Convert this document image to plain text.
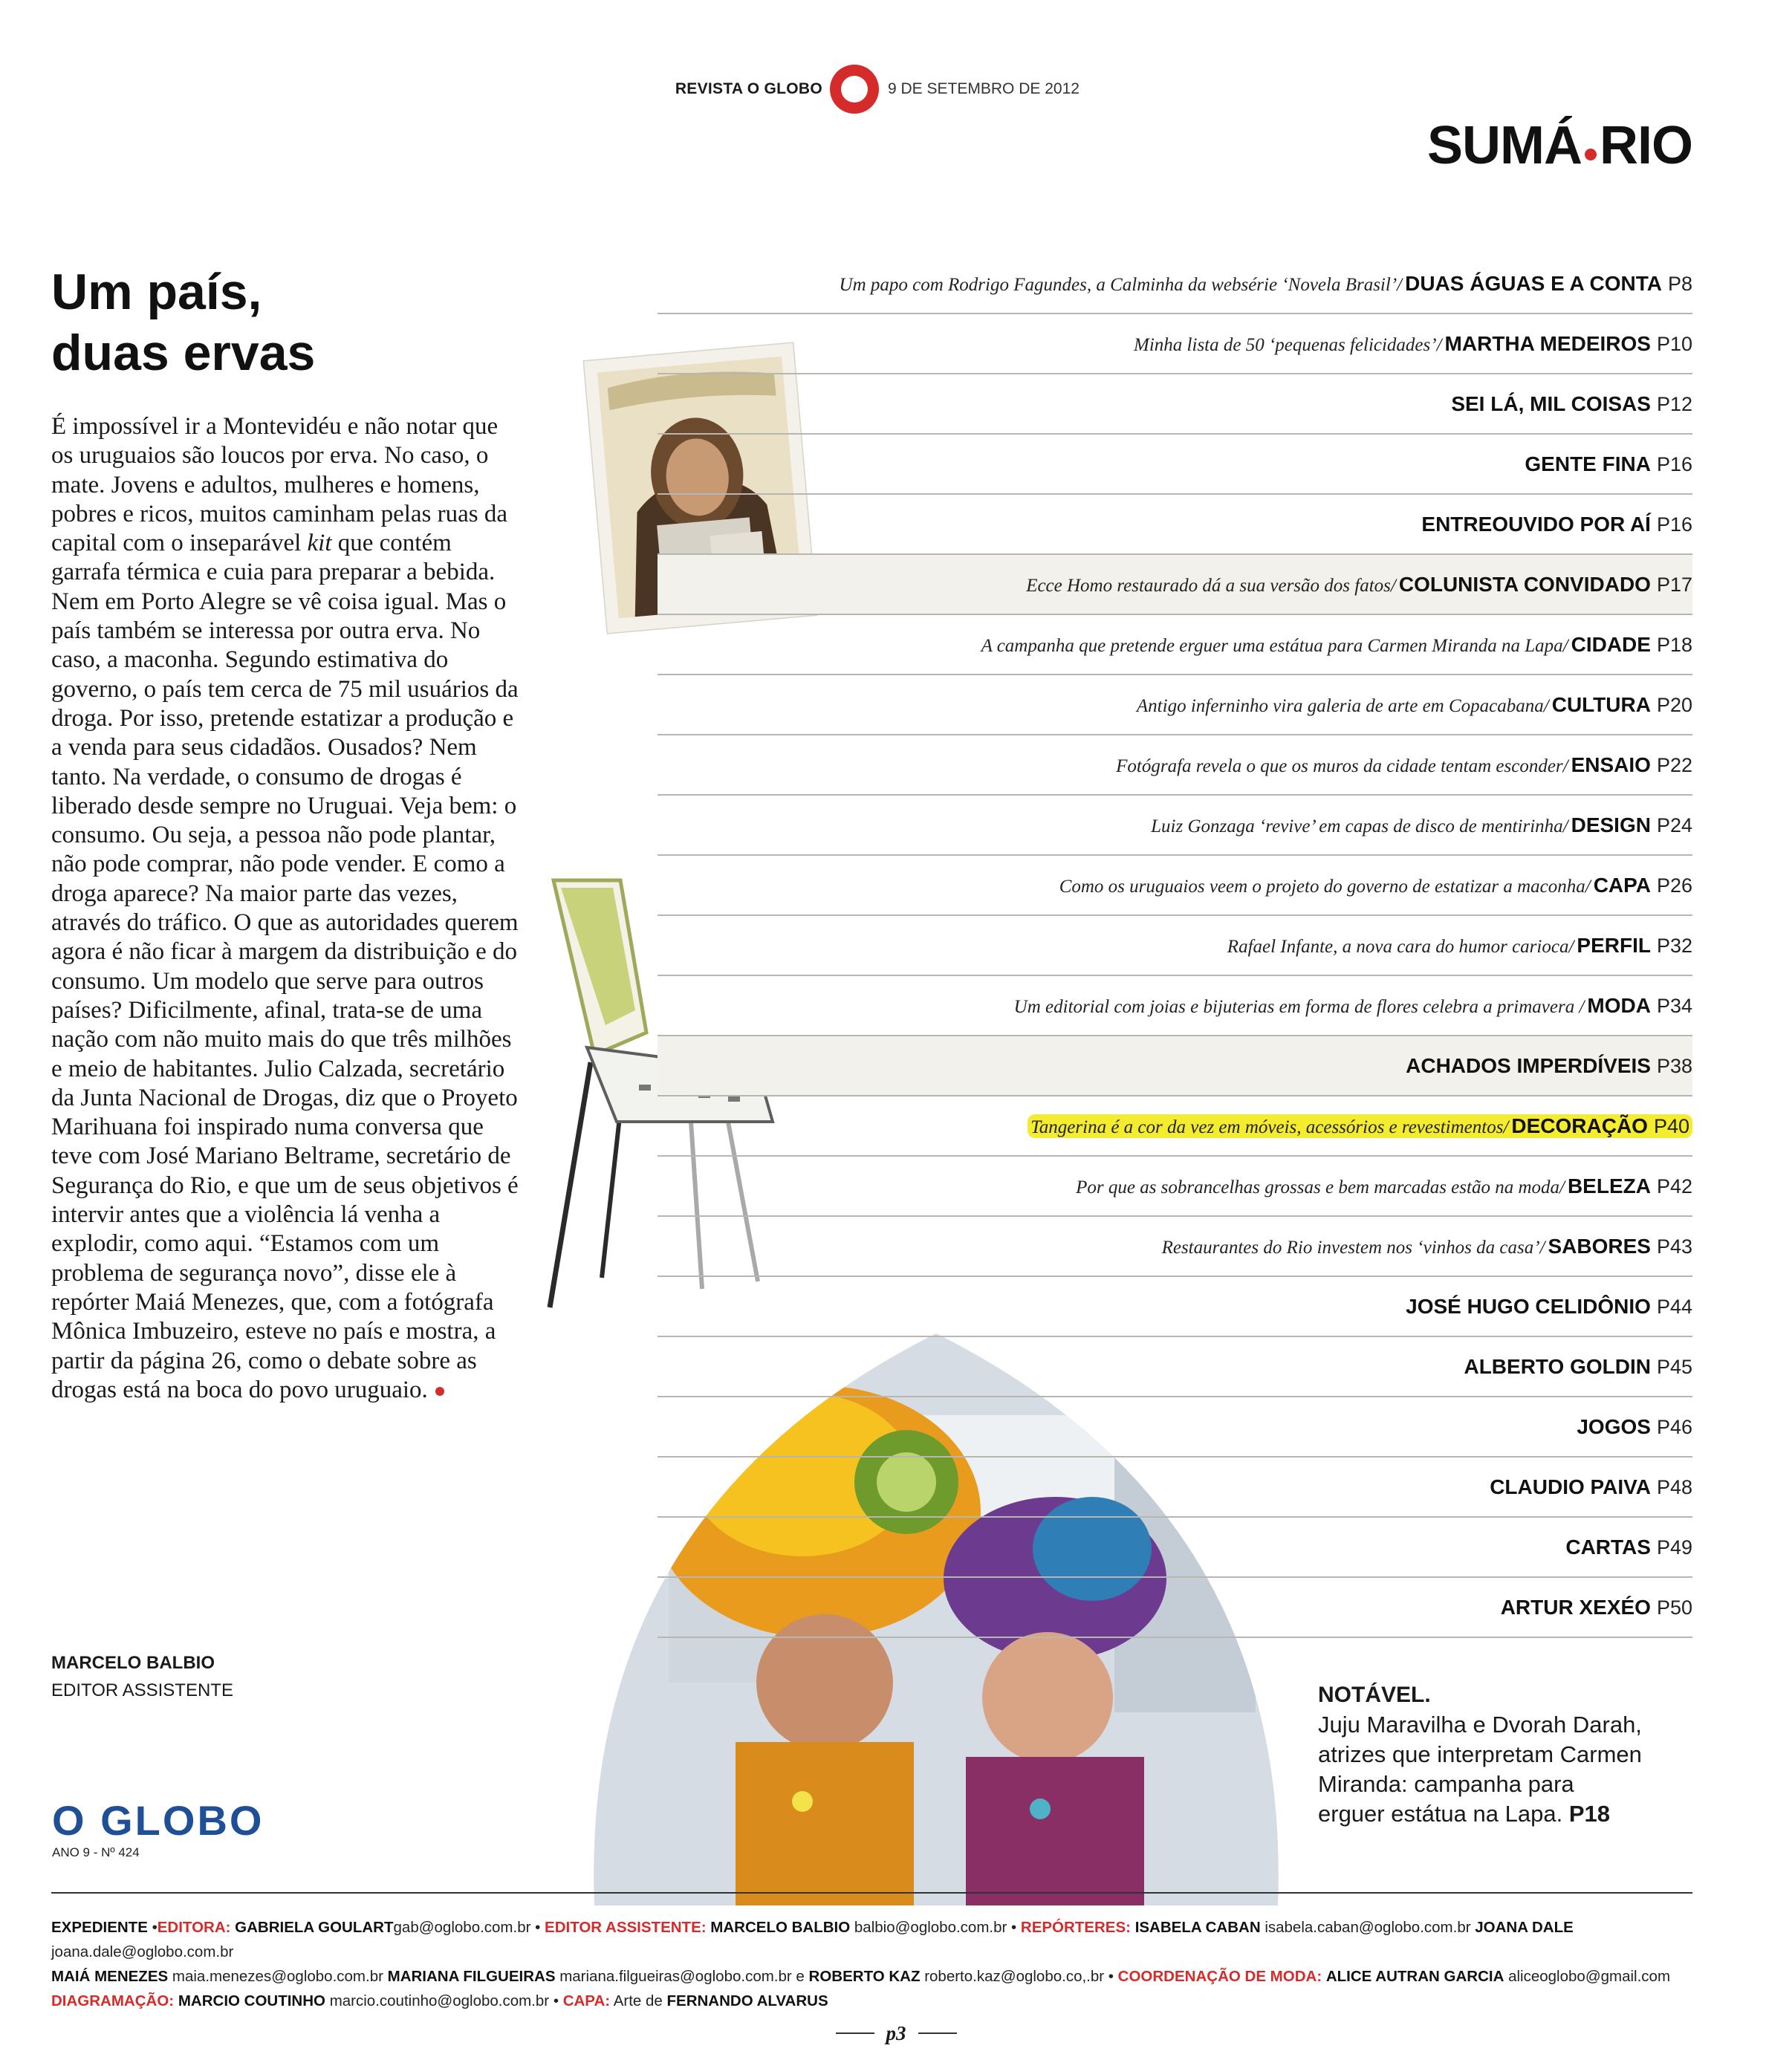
REVISTA O GLOBO	9 DE SETEMBRO DE 2012
SUMÁ RIO
Um país,
duas ervas
É impossível ir a Montevidéu e não notar que os uruguaios são loucos por erva. No caso, o mate. Jovens e adultos, mulheres e homens, pobres e ricos, muitos caminham pelas ruas da capital com o inseparável kit que contém garrafa térmica e cuia para preparar a bebida. Nem em Porto Alegre se vê coisa igual. Mas o país também se interessa por outra erva. No caso, a maconha. Segundo estimativa do governo, o país tem cerca de 75 mil usuários da droga. Por isso, pretende estatizar a produção e a venda para seus cidadãos. Ousados? Nem tanto. Na verdade, o consumo de drogas é liberado desde sempre no Uruguai. Veja bem: o consumo. Ou seja, a pessoa não pode plantar, não pode comprar, não pode vender. E como a droga aparece? Na maior parte das vezes, através do tráfico. O que as autoridades querem agora é não ficar à margem da distribuição e do consumo. Um modelo que serve para outros países? Dificilmente, afinal, trata-se de uma nação com não muito mais do que três milhões e meio de habitantes. Julio Calzada, secretário da Junta Nacional de Drogas, diz que o Proyeto Marihuana foi inspirado numa conversa que teve com José Mariano Beltrame, secretário de Segurança do Rio, e que um de seus objetivos é intervir antes que a violência lá venha a explodir, como aqui. “Estamos com um problema de segurança novo”, disse ele à repórter Maiá Menezes, que, com a fotógrafa Mônica Imbuzeiro, esteve no país e mostra, a partir da página 26, como o debate sobre as drogas está na boca do povo uruguaio.
MARCELO BALBIO
EDITOR ASSISTENTE
O GLOBO
ANO 9 - Nº 424
Um papo com Rodrigo Fagundes, a Calminha da websérie ‘Novela Brasil’/ DUAS ÁGUAS E A CONTA P8
Minha lista de 50 ‘pequenas felicidades’/ MARTHA MEDEIROS P10
SEI LÁ, MIL COISAS P12
GENTE FINA P16
ENTREOUVIDO POR AÍ P16
Ecce Homo restaurado dá a sua versão dos fatos/ COLUNISTA CONVIDADO P17
A campanha que pretende erguer uma estátua para Carmen Miranda na Lapa/ CIDADE P18
Antigo inferninho vira galeria de arte em Copacabana/ CULTURA P20
Fotógrafa revela o que os muros da cidade tentam esconder/ ENSAIO P22
Luiz Gonzaga ‘revive’ em capas de disco de mentirinha/ DESIGN P24
Como os uruguaios veem o projeto do governo de estatizar a maconha/ CAPA P26
Rafael Infante, a nova cara do humor carioca/ PERFIL P32
Um editorial com joias e bijuterias em forma de flores celebra a primavera / MODA P34
ACHADOS IMPERDÍVEIS P38
Tangerina é a cor da vez em móveis, acessórios e revestimentos/ DECORAÇÃO P40
Por que as sobrancelhas grossas e bem marcadas estão na moda/ BELEZA P42
Restaurantes do Rio investem nos ‘vinhos da casa’/ SABORES P43
JOSÉ HUGO CELIDÔNIO P44
ALBERTO GOLDIN P45
JOGOS P46
CLAUDIO PAIVA P48
CARTAS P49
ARTUR XEXÉO P50
NOTÁVEL.
Juju Maravilha e Dvorah Darah, atrizes que interpretam Carmen Miranda: campanha para erguer estátua na Lapa. P18
EXPEDIENTE •EDITORA: GABRIELA GOULARTgab@oglobo.com.br • EDITOR ASSISTENTE: MARCELO BALBIO balbio@oglobo.com.br • REPÓRTERES: ISABELA CABAN isabela.caban@oglobo.com.br JOANA DALE joana.dale@oglobo.com.br
MAIÁ MENEZES maia.menezes@oglobo.com.br MARIANA FILGUEIRAS mariana.filgueiras@oglobo.com.br e ROBERTO KAZ roberto.kaz@oglobo.co,.br • COORDENAÇÃO DE MODA: ALICE AUTRAN GARCIA aliceoglobo@gmail.com
DIAGRAMAÇÃO: MARCIO COUTINHO marcio.coutinho@oglobo.com.br • CAPA: Arte de FERNANDO ALVARUS
p3
